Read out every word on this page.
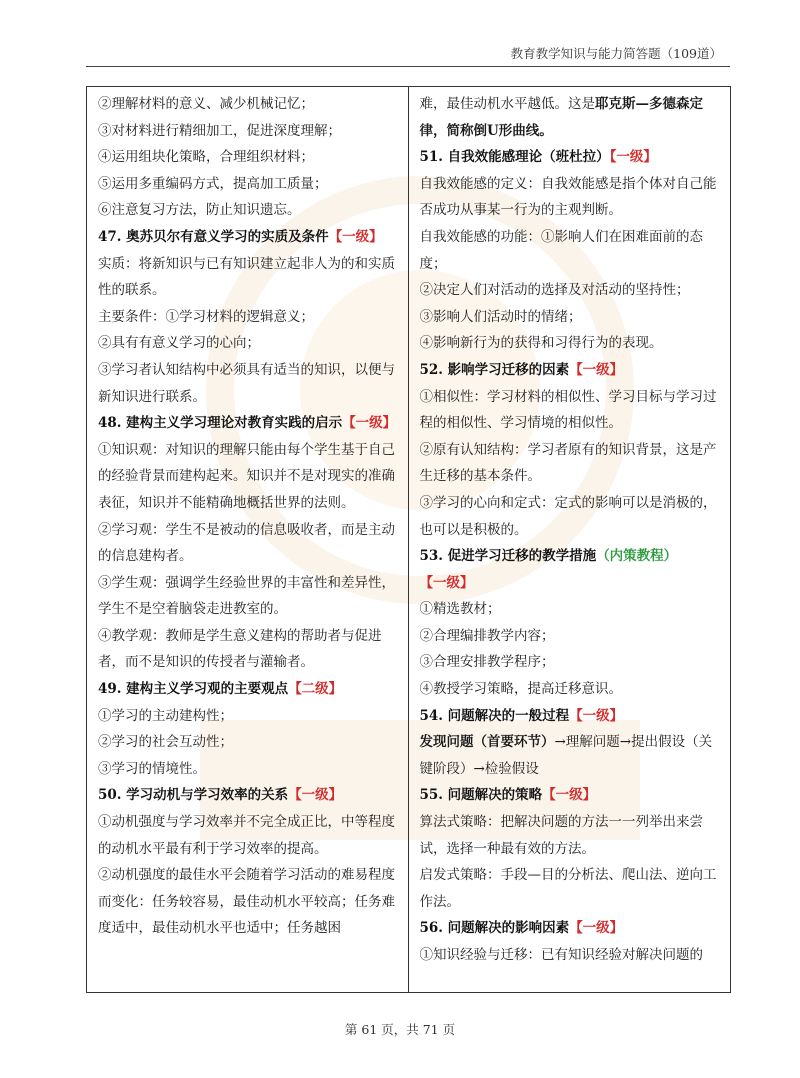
教育教学知识与能力简答题（109道）

②理解材料的意义、减少机械记忆；

③对材料进行精细加工，促进深度理解；

④运用组块化策略，合理组织材料；

⑤运用多重编码方式，提高加工质量；

⑥注意复习方法，防止知识遗忘。

47. 奥苏贝尔有意义学习的实质及条件【一级】

实质：将新知识与已有知识建立起非人为的和实质性的联系。

主要条件：①学习材料的逻辑意义；

②具有有意义学习的心向；

③学习者认知结构中必须具有适当的知识，以便与新知识进行联系。

48. 建构主义学习理论对教育实践的启示【一级】

①知识观：对知识的理解只能由每个学生基于自己的经验背景而建构起来。知识并不是对现实的准确表征，知识并不能精确地概括世界的法则。

②学习观：学生不是被动的信息吸收者，而是主动的信息建构者。

③学生观：强调学生经验世界的丰富性和差异性，学生不是空着脑袋走进教室的。

④教学观：教师是学生意义建构的帮助者与促进者，而不是知识的传授者与灌输者。

49. 建构主义学习观的主要观点【二级】

①学习的主动建构性；

②学习的社会互动性；

③学习的情境性。

50. 学习动机与学习效率的关系【一级】

①动机强度与学习效率并不完全成正比，中等程度的动机水平最有利于学习效率的提高。

②动机强度的最佳水平会随着学习活动的难易程度而变化：任务较容易，最佳动机水平较高；任务难度适中，最佳动机水平也适中；任务越困

难，最佳动机水平越低。这是耶克斯—多德森定律，简称倒U形曲线。

51. 自我效能感理论（班杜拉）【一级】

自我效能感的定义：自我效能感是指个体对自己能否成功从事某一行为的主观判断。

自我效能感的功能：①影响人们在困难面前的态度；

②决定人们对活动的选择及对活动的坚持性；

③影响人们活动时的情绪；

④影响新行为的获得和习得行为的表现。

52. 影响学习迁移的因素【一级】

①相似性：学习材料的相似性、学习目标与学习过程的相似性、学习情境的相似性。

②原有认知结构：学习者原有的知识背景，这是产生迁移的基本条件。

③学习的心向和定式：定式的影响可以是消极的，也可以是积极的。

53. 促进学习迁移的教学措施（内策教程）【一级】

①精选教材；

②合理编排教学内容；

③合理安排教学程序；

④教授学习策略，提高迁移意识。

54. 问题解决的一般过程【一级】

发现问题（首要环节）→理解问题→提出假设（关键阶段）→检验假设

55. 问题解决的策略【一级】

算法式策略：把解决问题的方法一一列举出来尝试，选择一种最有效的方法。

启发式策略：手段—目的分析法、爬山法、逆向工作法。

56. 问题解决的影响因素【一级】

①知识经验与迁移：已有知识经验对解决问题的

第 61 页，共 71 页
